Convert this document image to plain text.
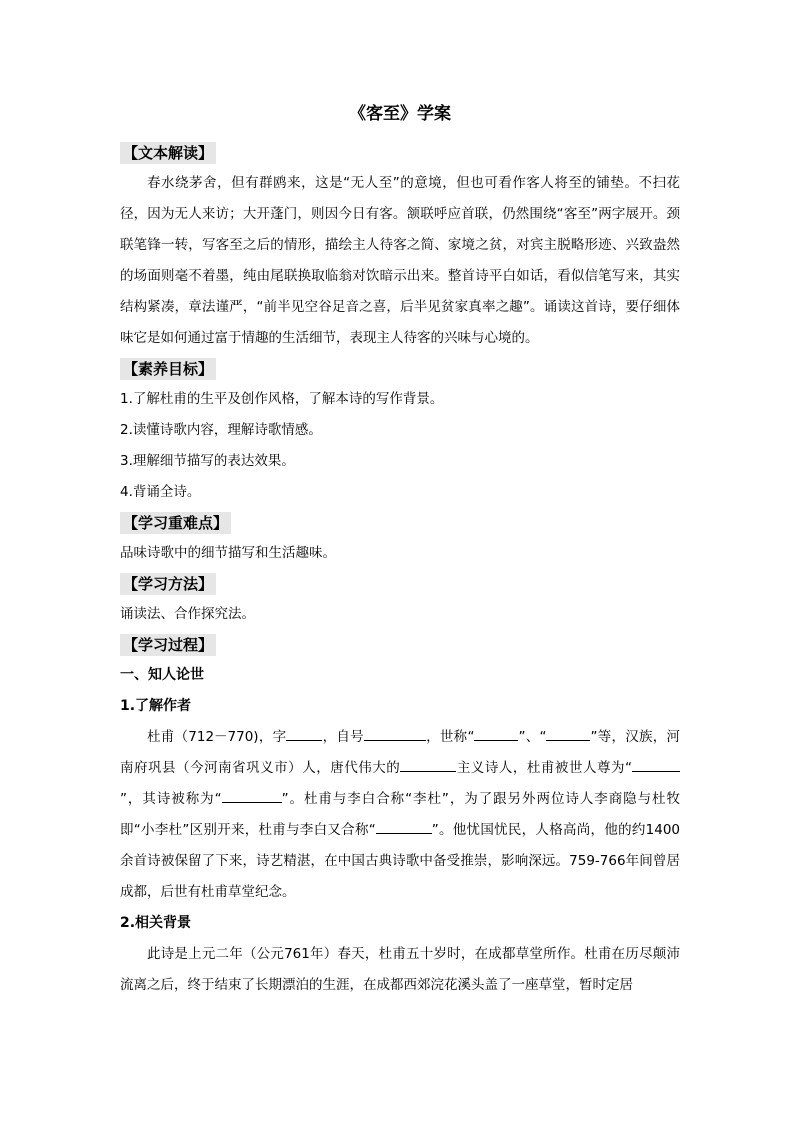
《客至》学案
【文本解读】

春水绕茅舍，但有群鸥来，这是“无人至”的意境，但也可看作客人将至的铺垫。不扫花径，因为无人来访；大开蓬门，则因今日有客。颔联呼应首联，仍然围绕“客至”两字展开。颈联笔锋一转，写客至之后的情形，描绘主人待客之简、家境之贫，对宾主脱略形迹、兴致盎然的场面则毫不着墨，纯由尾联换取临翁对饮暗示出来。整首诗平白如话，看似信笔写来，其实结构紧凑，章法谨严，“前半见空谷足音之喜，后半见贫家真率之趣”。诵读这首诗，要仔细体味它是如何通过富于情趣的生活细节，表现主人待客的兴味与心境的。

【素养目标】

1.了解杜甫的生平及创作风格，了解本诗的写作背景。

2.读懂诗歌内容，理解诗歌情感。

3.理解细节描写的表达效果。

4.背诵全诗。

【学习重难点】

品味诗歌中的细节描写和生活趣味。

【学习方法】

诵读法、合作探究法。

【学习过程】

一、知人论世

1.了解作者

杜甫（712－770)，字	，自号	，世称“	”、“	”等，汉族，河南府巩县（今河南省巩义市）人，唐代伟大的	主义诗人，杜甫被世人尊为“”，其诗被称为“	”。杜甫与李白合称“李杜”，为了跟另外两位诗人李商隐与杜牧即“小李杜”区别开来，杜甫与李白又合称“	”。他忧国忧民，人格高尚，他的约1400余首诗被保留了下来，诗艺精湛，在中国古典诗歌中备受推崇，影响深远。759-766年间曾居成都，后世有杜甫草堂纪念。

2.相关背景

此诗是上元二年（公元761年）春天，杜甫五十岁时，在成都草堂所作。杜甫在历尽颠沛流离之后，终于结束了长期漂泊的生涯，在成都西郊浣花溪头盖了一座草堂，暂时定居
